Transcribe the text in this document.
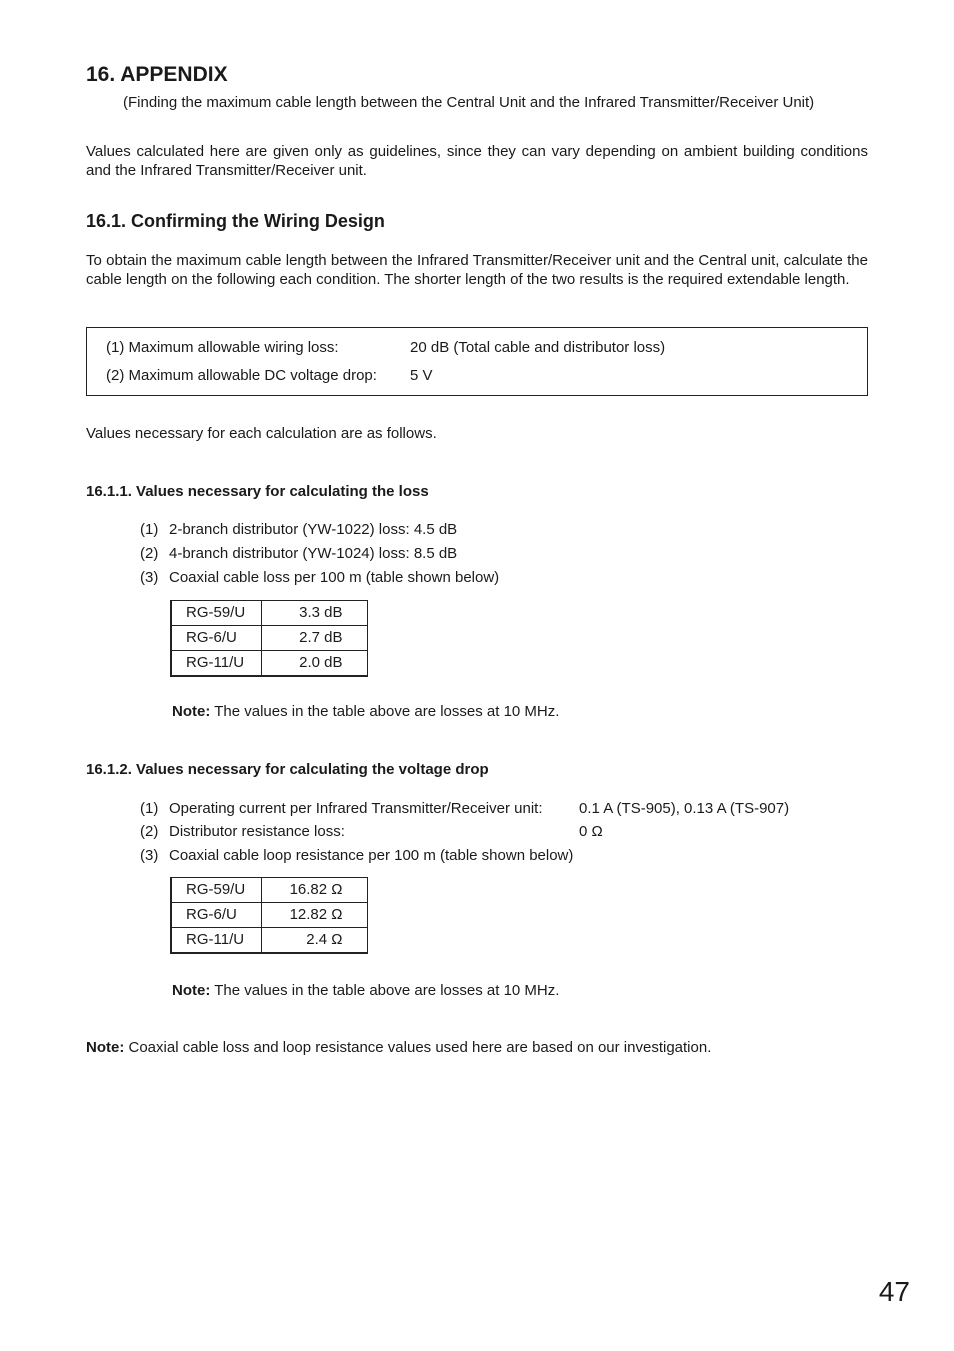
16. APPENDIX
(Finding the maximum cable length between the Central Unit and the Infrared Transmitter/Receiver Unit)
Values calculated here are given only as guidelines, since they can vary depending on ambient building conditions and the Infrared Transmitter/Receiver unit.
16.1. Confirming the Wiring Design
To obtain the maximum cable length between the Infrared Transmitter/Receiver unit and the Central unit, calculate the cable length on the following each condition. The shorter length of the two results is the required extendable length.
(1) Maximum allowable wiring loss:	20 dB (Total cable and distributor loss)
(2) Maximum allowable DC voltage drop: 5 V
Values necessary for each calculation are as follows.
16.1.1. Values necessary for calculating the loss
(1) 2-branch distributor (YW-1022) loss: 4.5 dB
(2) 4-branch distributor (YW-1024) loss: 8.5 dB
(3) Coaxial cable loss per 100 m (table shown below)
RG-59/U	3.3 dB
RG-6/U	2.7 dB
RG-11/U	2.0 dB
Note: The values in the table above are losses at 10 MHz.
16.1.2. Values necessary for calculating the voltage drop
(1) Operating current per Infrared Transmitter/Receiver unit: 0.1 A (TS-905), 0.13 A (TS-907)
(2) Distributor resistance loss:	0 Ω
(3) Coaxial cable loop resistance per 100 m (table shown below)
RG-59/U	16.82 Ω
RG-6/U	12.82 Ω
RG-11/U	2.4 Ω
Note: The values in the table above are losses at 10 MHz.
Note: Coaxial cable loss and loop resistance values used here are based on our investigation.
47
